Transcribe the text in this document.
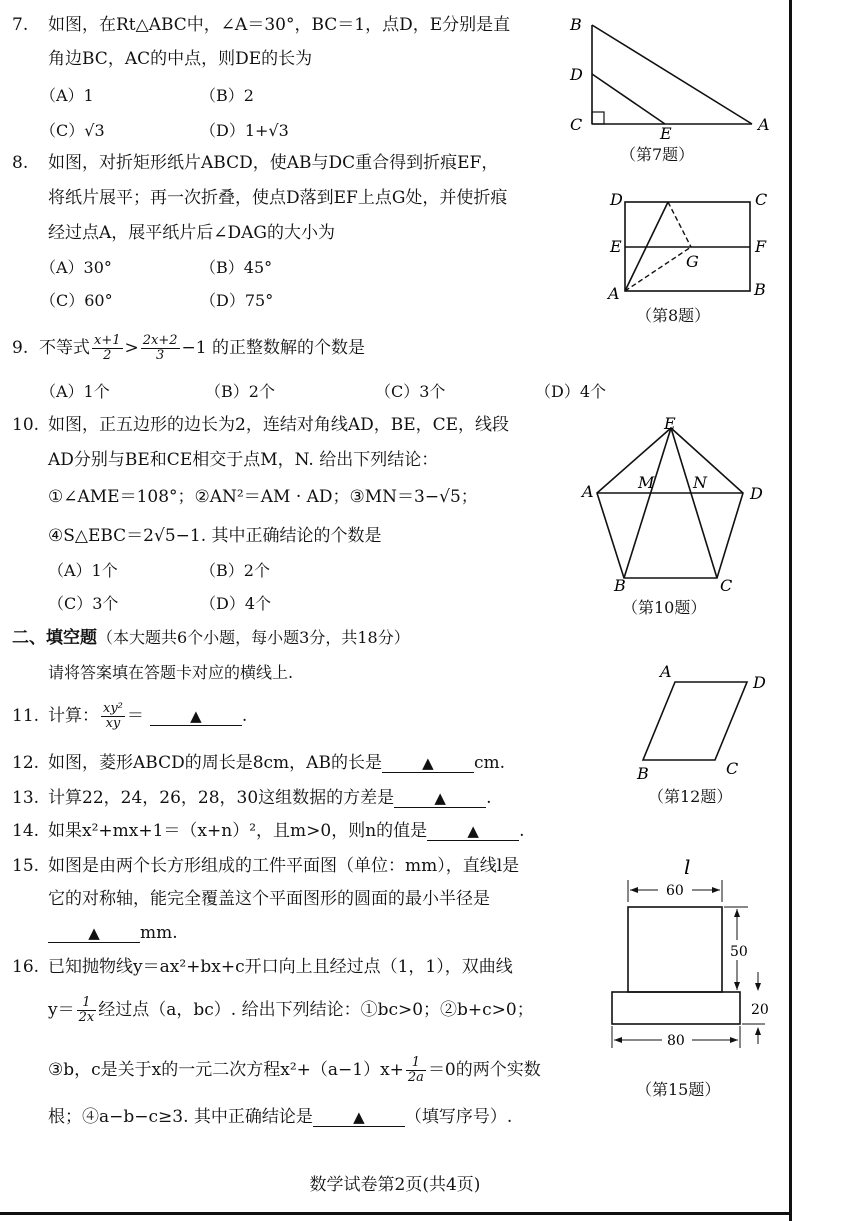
7. 如图，在Rt△ABC中，∠A＝30°，BC＝1，点D，E分别是直
角边BC，AC的中点，则DE的长为
（A）1	（B）2
（C）√3	（D）1+√3
B
D
C	E	A
（第7题）
8. 如图，对折矩形纸片ABCD，使AB与DC重合得到折痕EF，
将纸片展平；再一次折叠，使点D落到EF上点G处，并使折痕
经过点A，展平纸片后∠DAG的大小为
（A）30°	（B）45°
（C）60°	（D）75°
D	C
E	F
G
A	B
（第8题）
9. 不等式 $\frac{x+1}{2} > \frac{2x+2}{3} -1$ 的正整数解的个数是
（A）1个	（B）2个	（C）3个	（D）4个
10. 如图，正五边形的边长为2，连结对角线AD，BE，CE，线段
AD分别与BE和CE相交于点M，N. 给出下列结论：
①∠AME＝108°；②AN²＝AM · AD；③MN＝3−√5；
④S△EBC＝2√5−1. 其中正确结论的个数是
（A）1个	（B）2个
（C）3个	（D）4个
E
A	M N
D
B	C
（第10题）
二、填空题（本大题共6个小题，每小题3分，共18分）
请将答案填在答题卡对应的横线上.
11. 计算： $\frac{\text{xy²}}{xy}$ ＝	▲ .
12. 如图，菱形ABCD的周长是8cm，AB的长是	▲ cm.
A
D
B	C
（第12题）
13. 计算22，24，26，28，30这组数据的方差是	▲ .
14. 如果x²+mx+1＝（x+n）²，且m>0，则n的值是	▲ .
15. 如图是由两个长方形组成的工件平面图（单位：mm），直线l是
它的对称轴，能完全覆盖这个平面图形的圆面的最小半径是
▲ mm.
l
60
50
20
80
（第15题）
16. 已知抛物线y＝ax²+bx+c开口向上且经过点（1，1），双曲线
$y= \frac{1}{2x}$ 经过点（a，bc）. 给出下列结论：①bc>0；②b+c>0；
③b，c是关于x的一元二次方程$x^2+(a-1)x+ \frac{1}{2a} =0$的两个实数
根；④a−b−c≥3. 其中正确结论是	▲ （填写序号）.
数学试卷第2页(共4页)
